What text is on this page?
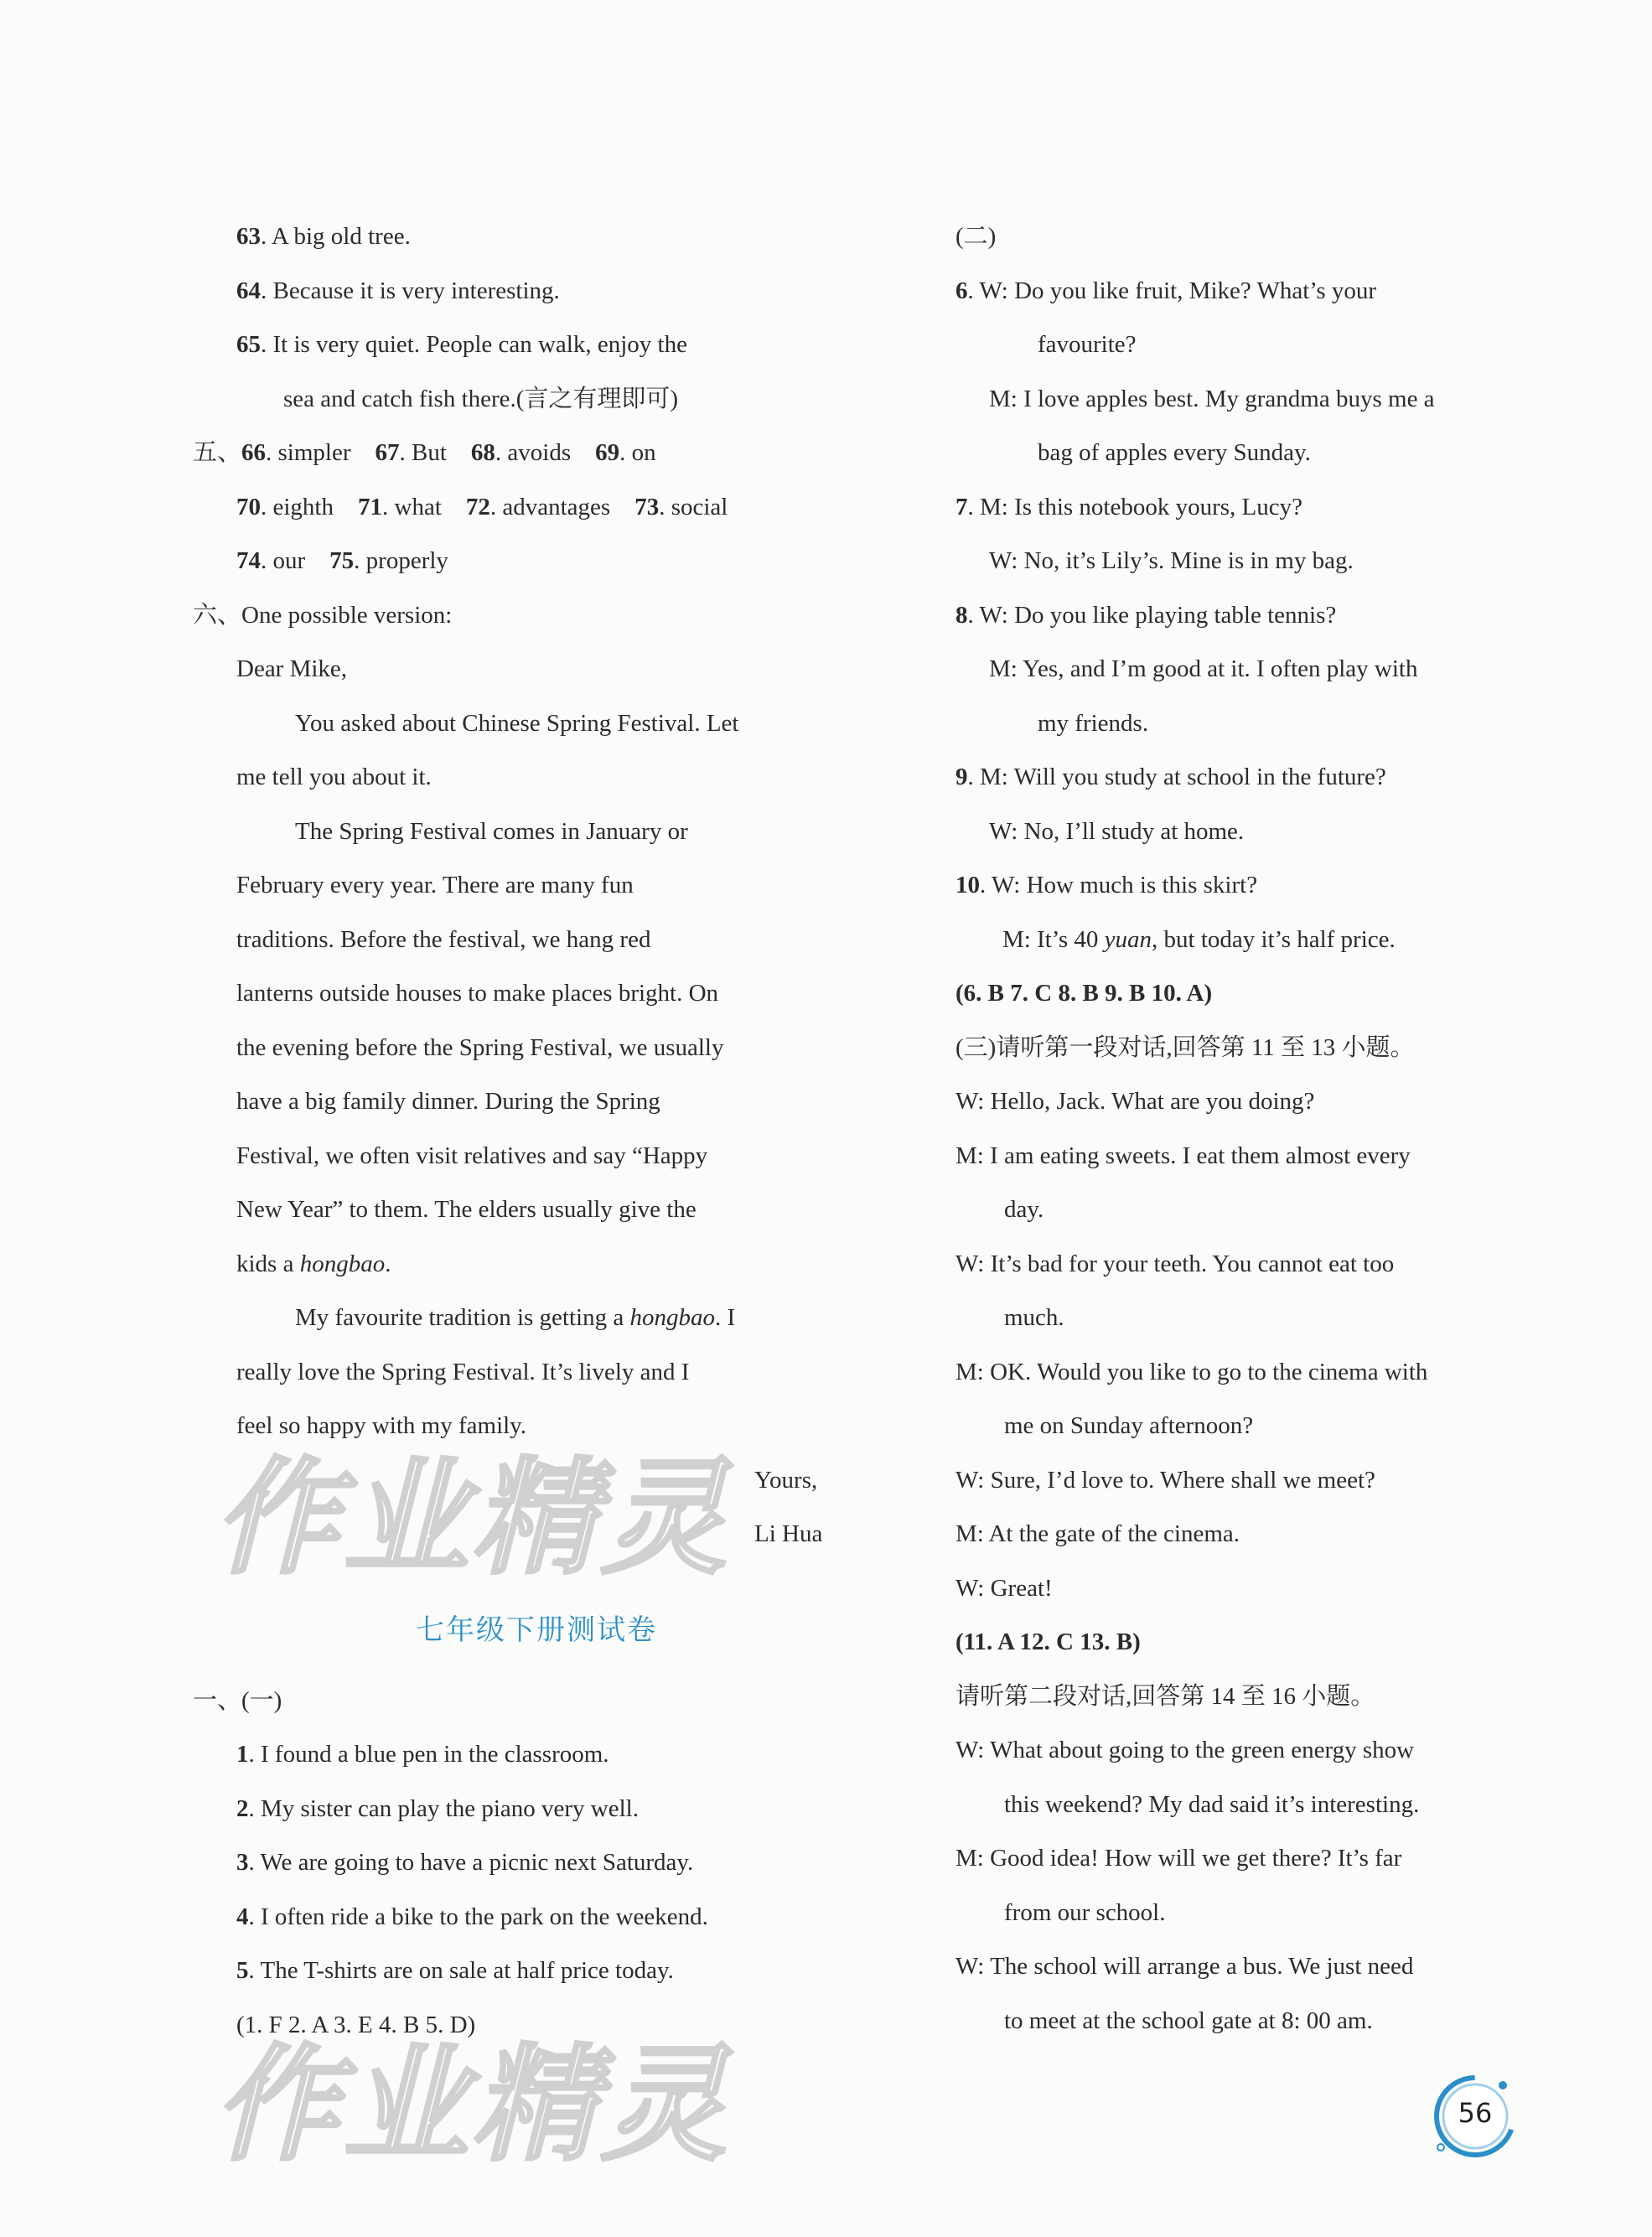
作业精灵
作业精灵
63. A big old tree.
64. Because it is very interesting.
65. It is very quiet. People can walk, enjoy the
sea and catch fish there.(言之有理即可)
五、66. simpler 67. But 68. avoids 69. on
70. eighth 71. what 72. advantages 73. social
74. our 75. properly
六、One possible version:
Dear Mike,
You asked about Chinese Spring Festival. Let
me tell you about it.
The Spring Festival comes in January or
February every year. There are many fun
traditions. Before the festival, we hang red
lanterns outside houses to make places bright. On
the evening before the Spring Festival, we usually
have a big family dinner. During the Spring
Festival, we often visit relatives and say “Happy
New Year” to them. The elders usually give the
kids a hongbao.
My favourite tradition is getting a hongbao. I
really love the Spring Festival. It’s lively and I
feel so happy with my family.
Yours,
Li Hua
七年级下册测试卷
一、(一)
1. I found a blue pen in the classroom.
2. My sister can play the piano very well.
3. We are going to have a picnic next Saturday.
4. I often ride a bike to the park on the weekend.
5. The T-shirts are on sale at half price today.
(1. F 2. A 3. E 4. B 5. D)
(二)
6. W: Do you like fruit, Mike? What’s your
favourite?
M: I love apples best. My grandma buys me a
bag of apples every Sunday.
7. M: Is this notebook yours, Lucy?
W: No, it’s Lily’s. Mine is in my bag.
8. W: Do you like playing table tennis?
M: Yes, and I’m good at it. I often play with
my friends.
9. M: Will you study at school in the future?
W: No, I’ll study at home.
10. W: How much is this skirt?
M: It’s 40 yuan, but today it’s half price.
(6. B 7. C 8. B 9. B 10. A)
(三)请听第一段对话,回答第 11 至 13 小题。
W: Hello, Jack. What are you doing?
M: I am eating sweets. I eat them almost every
day.
W: It’s bad for your teeth. You cannot eat too
much.
M: OK. Would you like to go to the cinema with
me on Sunday afternoon?
W: Sure, I’d love to. Where shall we meet?
M: At the gate of the cinema.
W: Great!
(11. A 12. C 13. B)
请听第二段对话,回答第 14 至 16 小题。
W: What about going to the green energy show
this weekend? My dad said it’s interesting.
M: Good idea! How will we get there? It’s far
from our school.
W: The school will arrange a bus. We just need
to meet at the school gate at 8: 00 am.
56
